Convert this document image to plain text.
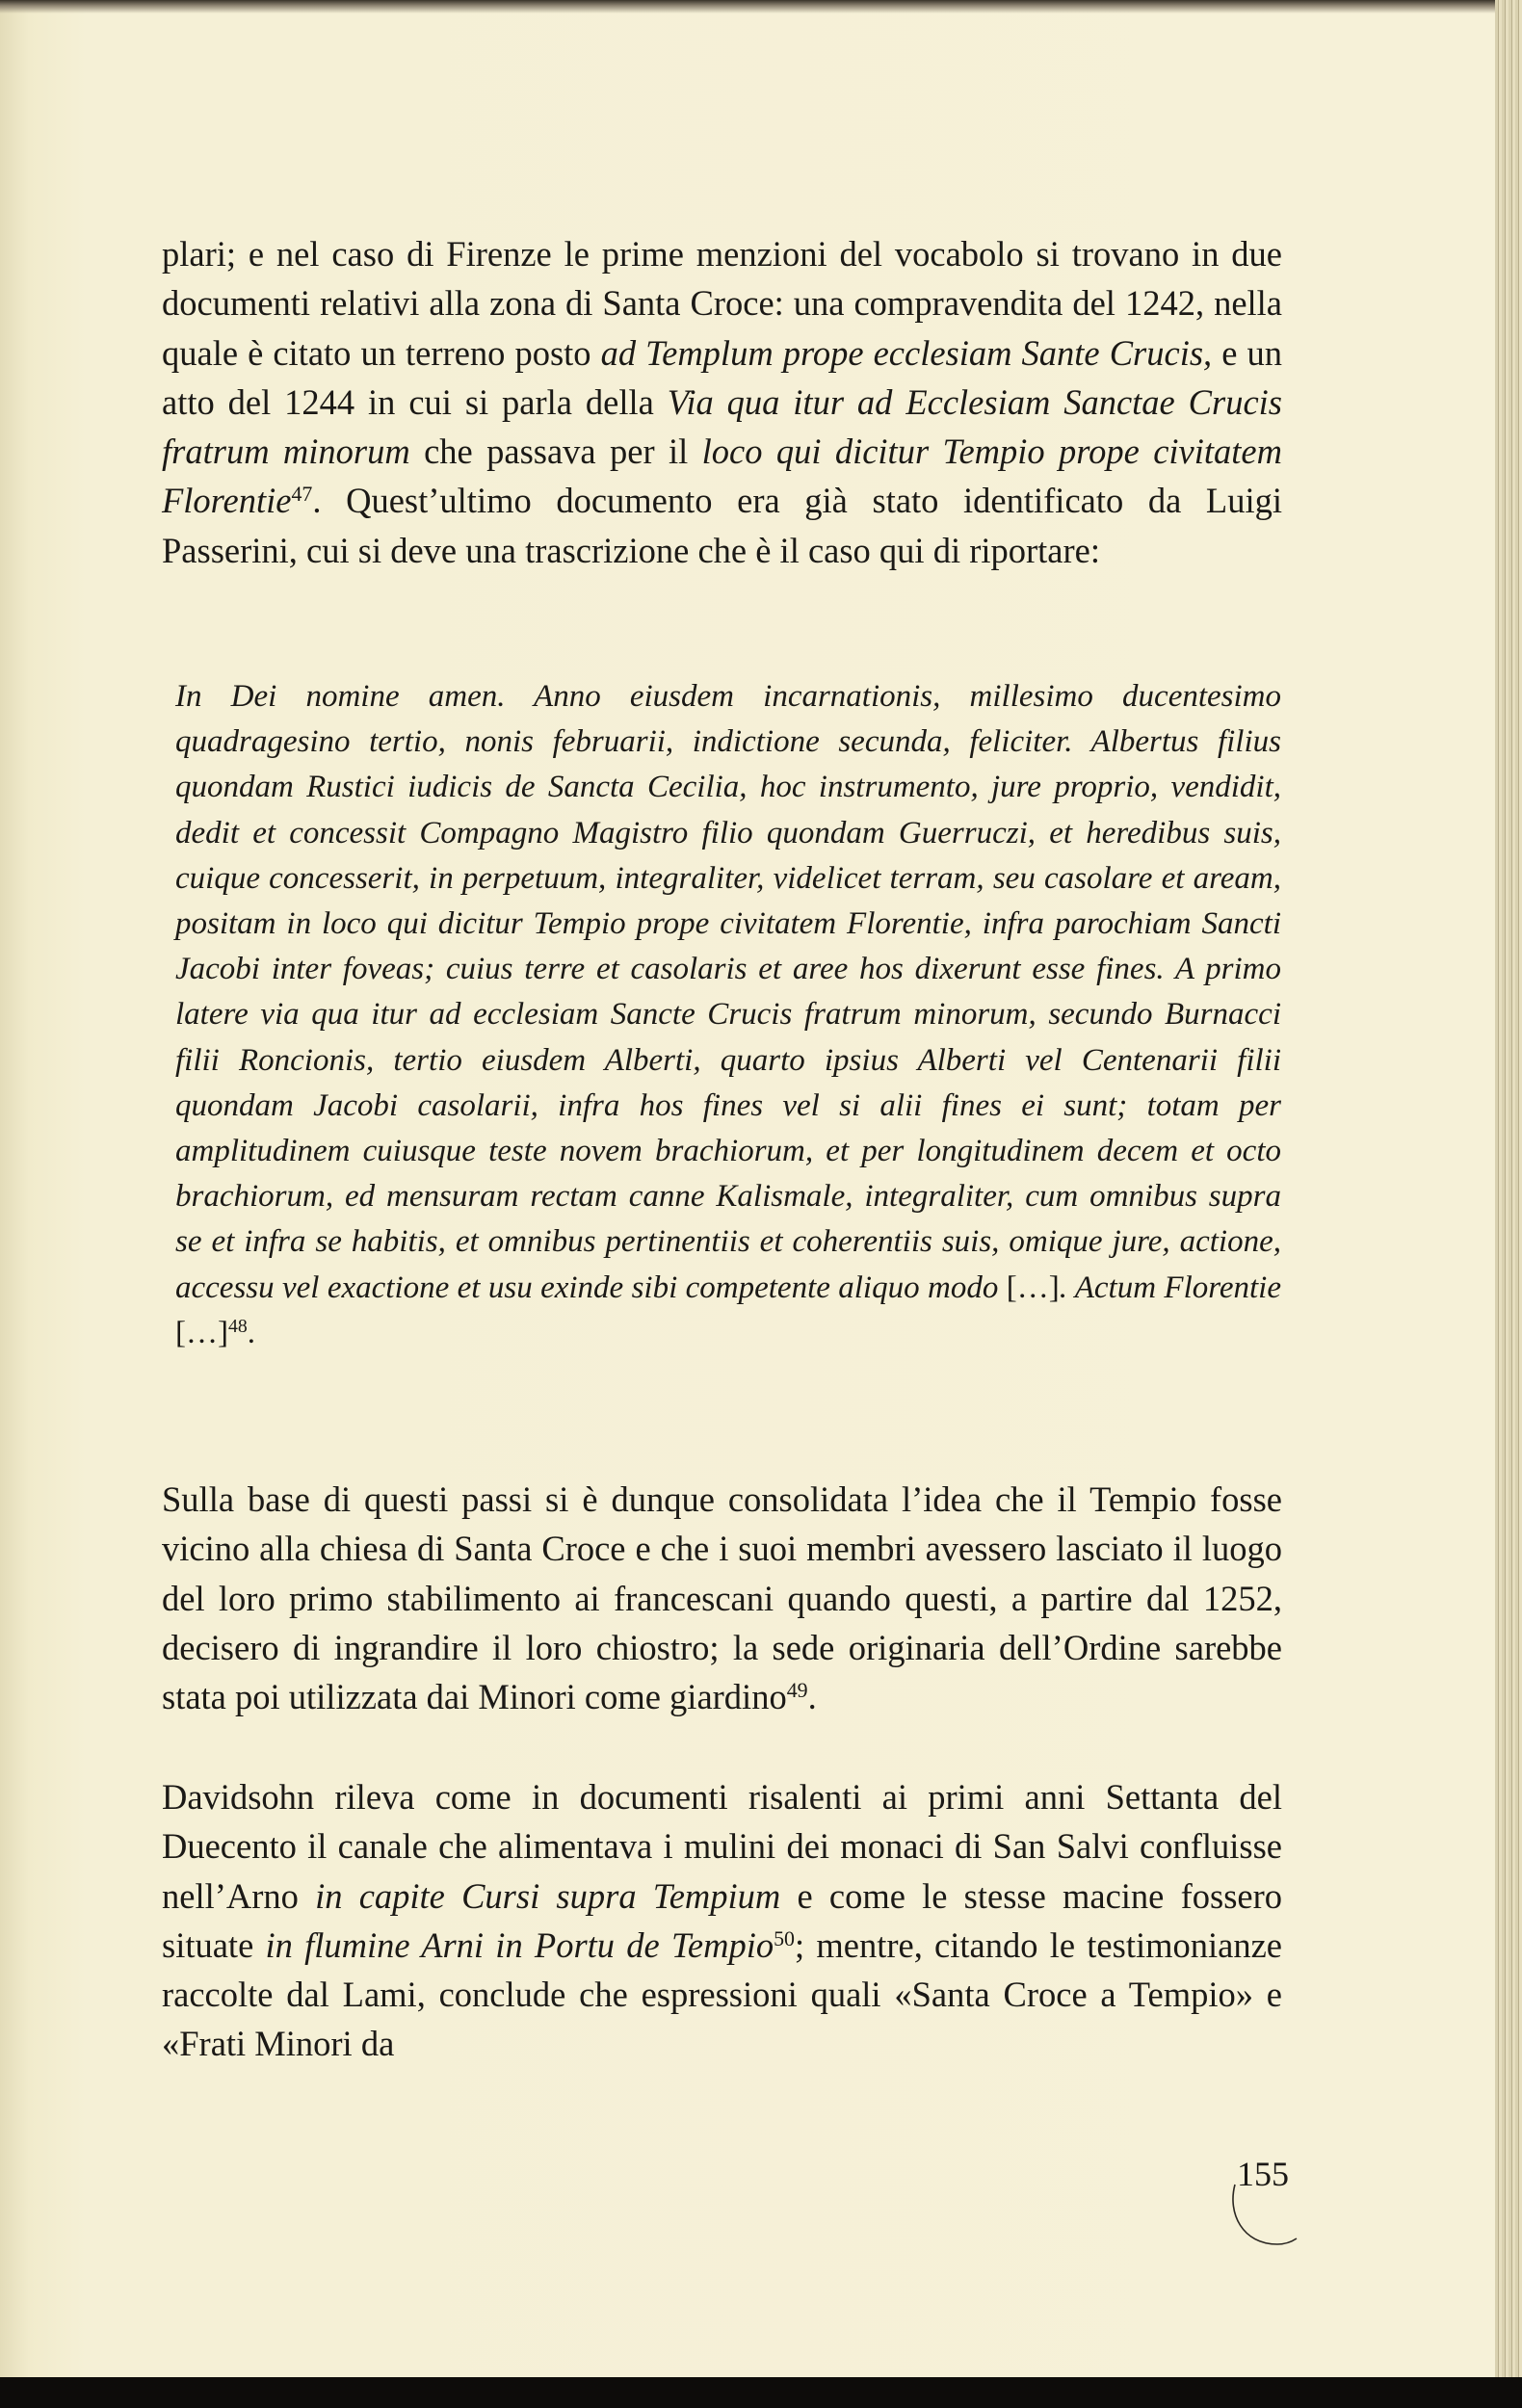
plari; e nel caso di Firenze le prime menzioni del vocabolo si trovano in due documenti relativi alla zona di Santa Croce: una compravendita del 1242, nella quale è citato un terreno posto ad Templum prope ecclesiam Sante Crucis, e un atto del 1244 in cui si parla della Via qua itur ad Ecclesiam Sanctae Crucis fratrum minorum che passava per il loco qui dicitur Tempio prope civitatem Florentie$^{47}$. Quest’ultimo documento era già stato identificato da Luigi Passerini, cui si deve una trascrizione che è il caso qui di riportare:

In Dei nomine amen. Anno eiusdem incarnationis, millesimo ducentesimo quadragesino tertio, nonis februarii, indictione secunda, feliciter. Albertus filius quondam Rustici iudicis de Sancta Cecilia, hoc instrumento, jure proprio, vendidit, dedit et concessit Compagno Magistro filio quondam Guerruczi, et heredibus suis, cuique concesserit, in perpetuum, integraliter, videlicet terram, seu casolare et aream, positam in loco qui dicitur Tempio prope civitatem Florentie, infra parochiam Sancti Jacobi inter foveas; cuius terre et casolaris et aree hos dixerunt esse fines. A primo latere via qua itur ad ecclesiam Sancte Crucis fratrum minorum, secundo Burnacci filii Roncionis, tertio eiusdem Alberti, quarto ipsius Alberti vel Centenarii filii quondam Jacobi casolarii, infra hos fines vel si alii fines ei sunt; totam per amplitudinem cuiusque teste novem brachiorum, et per longitudinem decem et octo brachiorum, ed mensuram rectam canne Kalismale, integraliter, cum omnibus supra se et infra se habitis, et omnibus pertinentiis et coherentiis suis, omique jure, actione, accessu vel exactione et usu exinde sibi competente aliquo modo […]. Actum Florentie […]$^{48}$.

Sulla base di questi passi si è dunque consolidata l’idea che il Tempio fosse vicino alla chiesa di Santa Croce e che i suoi membri avessero lasciato il luogo del loro primo stabilimento ai francescani quando questi, a partire dal 1252, decisero di ingrandire il loro chiostro; la sede originaria dell’Ordine sarebbe stata poi utilizzata dai Minori come giardino$^{49}$.

Davidsohn rileva come in documenti risalenti ai primi anni Settanta del Duecento il canale che alimentava i mulini dei monaci di San Salvi confluisse nell’Arno in capite Cursi supra Tempium e come le stesse macine fossero situate in flumine Arni in Portu de Tempio$^{50}$; mentre, citando le testimonianze raccolte dal Lami, conclude che espressioni quali «Santa Croce a Tempio» e «Frati Minori da

155
